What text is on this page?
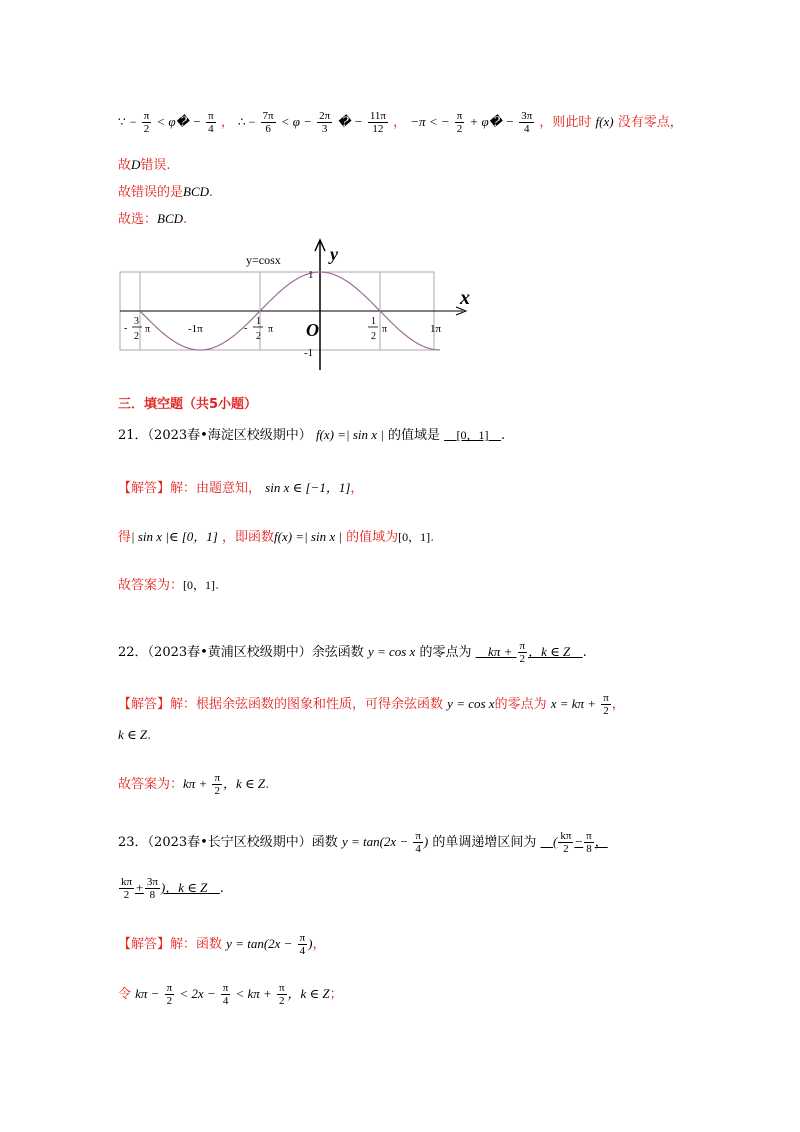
∵ − $\frac{\pi}{2}$ < φ� − $\frac{\pi}{4}$ ， ∴ − $\frac{7\pi}{6} < \varphi - \frac{2\pi}{3}$ � − $\frac{11\pi}{12}$ ， −π < − $\frac{\pi}{2}$ + φ� − $\frac{3\pi}{4}$ ，则此时 f(x) 没有零点，
故D错误.
故错误的是BCD.
故选：BCD.
y=cosx	y
x
O
1
-1
-1π	1π
3
2
- π
1
2
- π
1
2
π
三．填空题（共5小题）
21．（2023春•海淀区校级期中） f(x) =| sin x | 的值域是 [0，1] .
【解答】解：由题意知， sin x ∈ [−1，1]，
得| sin x |∈ [0，1] ，即函数f(x) =| sin x | 的值域为[0，1].
故答案为：[0，1].
22．（2023春•黄浦区校级期中）余弦函数 y = cos x 的零点为 $k\pi + \frac{\pi}{2}$ ，k ∈ Z .
【解答】解：根据余弦函数的图象和性质，可得余弦函数 y = cos x的零点为 $x = k\pi + \frac{\pi}{2}$ ，
k ∈ Z.
故答案为：$k\pi + \frac{\pi}{2}$ ，k ∈ Z.
23．（2023春•长宁区校级期中）函数 $y = \tan(2x - \frac{\pi}{4}$ ) 的单调递增区间为 ( $\frac{k\pi}{2} - \frac{\pi}{8}$ ，
$\frac{k\pi}{2} + \frac{3\pi}{8}$ )，k ∈ Z .
【解答】解：函数 $y = \tan(2x - \frac{\pi}{4}$ )，
令 $k\pi - \frac{\pi}{2} < 2x - \frac{\pi}{4} < k\pi + \frac{\pi}{2}$ ，k ∈ Z；
